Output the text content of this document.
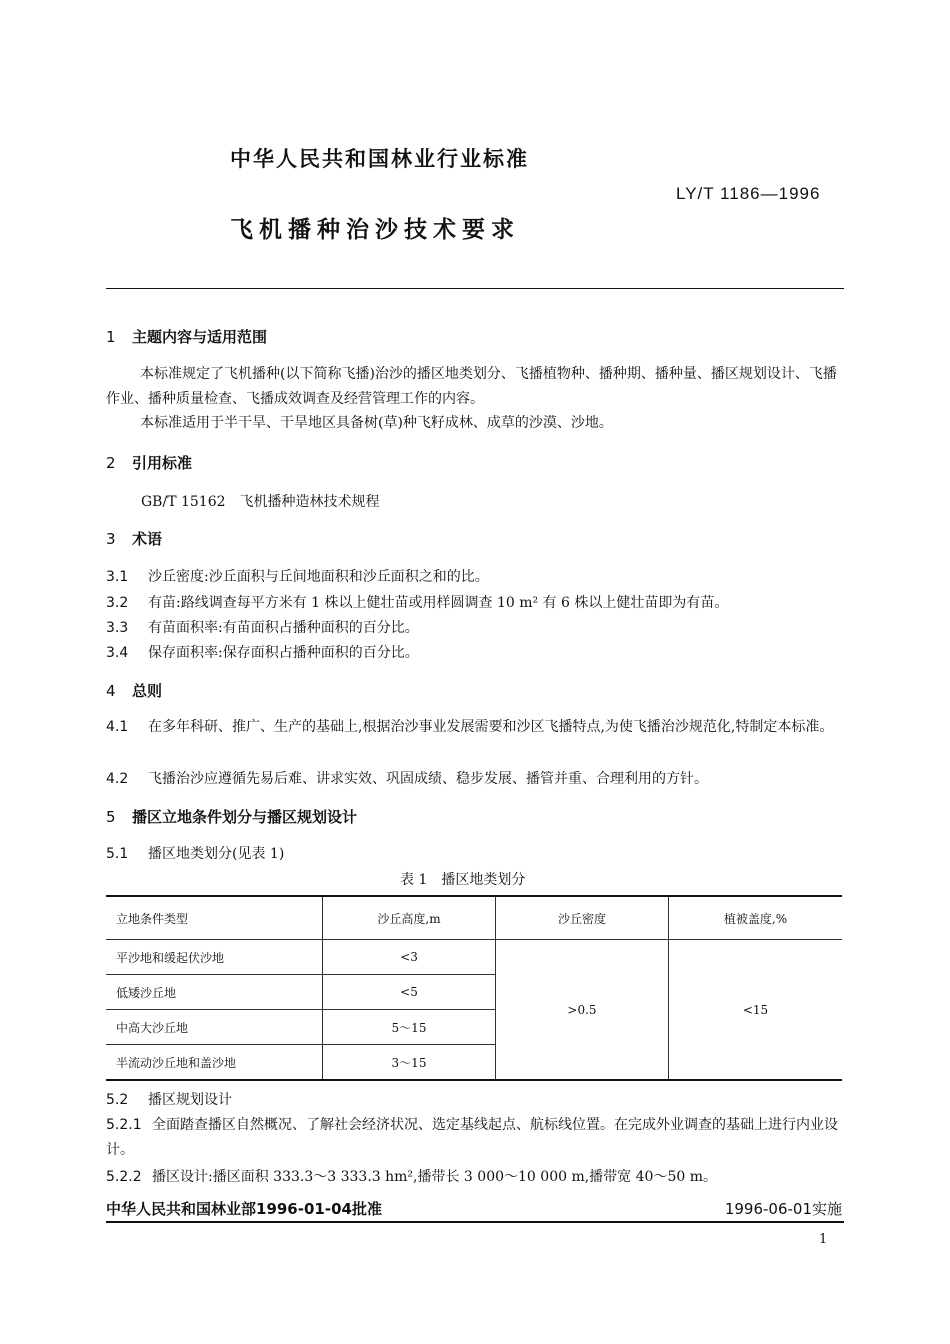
中华人民共和国林业行业标准
LY/T 1186—1996
飞机播种治沙技术要求
1 主题内容与适用范围
本标准规定了飞机播种(以下简称飞播)治沙的播区地类划分、飞播植物种、播种期、播种量、播区规划设计、飞播作业、播种质量检查、飞播成效调查及经营管理工作的内容。
本标准适用于半干旱、干旱地区具备树(草)种飞籽成林、成草的沙漠、沙地。
2 引用标准
GB/T 15162　飞机播种造林技术规程
3 术语
3.1 沙丘密度:沙丘面积与丘间地面积和沙丘面积之和的比。
3.2 有苗:路线调查每平方米有 1 株以上健壮苗或用样圆调查 10 m² 有 6 株以上健壮苗即为有苗。
3.3 有苗面积率:有苗面积占播种面积的百分比。
3.4 保存面积率:保存面积占播种面积的百分比。
4 总则
4.1 在多年科研、推广、生产的基础上,根据治沙事业发展需要和沙区飞播特点,为使飞播治沙规范化,特制定本标准。
4.2 飞播治沙应遵循先易后难、讲求实效、巩固成绩、稳步发展、播管并重、合理利用的方针。
5 播区立地条件划分与播区规划设计
5.1 播区地类划分(见表 1)
表 1　播区地类划分
立地条件类型	沙丘高度,m	沙丘密度	植被盖度,%
平沙地和缓起伏沙地	<3	>0.5	<15
低矮沙丘地	<5		
中高大沙丘地	5～15		
半流动沙丘地和盖沙地	3～15		
5.2 播区规划设计
5.2.1 全面踏查播区自然概况、了解社会经济状况、选定基线起点、航标线位置。在完成外业调查的基础上进行内业设计。
5.2.2 播区设计:播区面积 333.3～3 333.3 hm²,播带长 3 000～10 000 m,播带宽 40～50 m。
中华人民共和国林业部1996-01-04批准	1996-06-01实施
1
